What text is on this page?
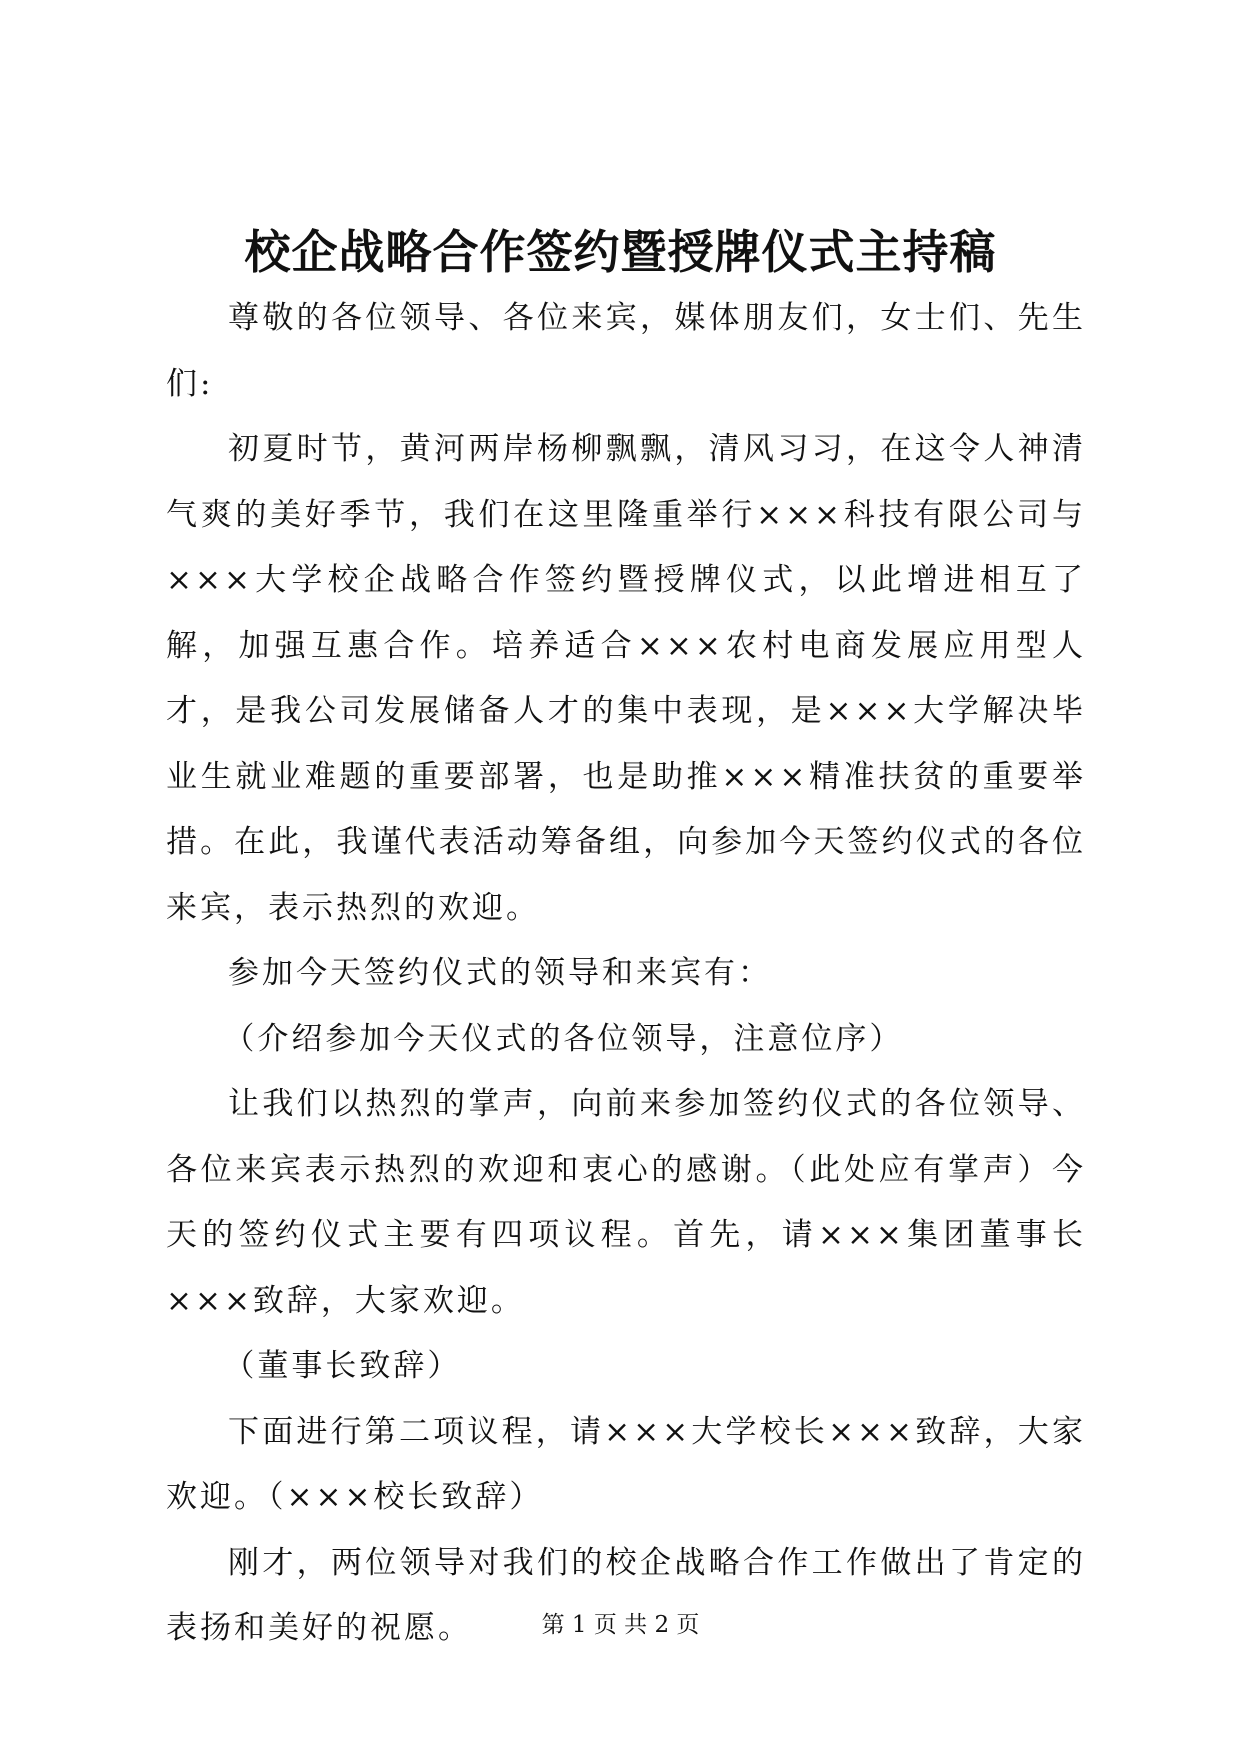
校企战略合作签约暨授牌仪式主持稿

尊敬的各位领导、各位来宾，媒体朋友们，女士们、先生们:

初夏时节，黄河两岸杨柳飘飘，清风习习，在这令人神清气爽的美好季节，我们在这里隆重举行×××科技有限公司与×××大学校企战略合作签约暨授牌仪式，以此增进相互了解，加强互惠合作。培养适合×××农村电商发展应用型人才，是我公司发展储备人才的集中表现，是×××大学解决毕业生就业难题的重要部署，也是助推×××精准扶贫的重要举措。在此，我谨代表活动筹备组，向参加今天签约仪式的各位来宾，表示热烈的欢迎。

参加今天签约仪式的领导和来宾有：

（介绍参加今天仪式的各位领导，注意位序）

让我们以热烈的掌声，向前来参加签约仪式的各位领导、各位来宾表示热烈的欢迎和衷心的感谢。（此处应有掌声）今天的签约仪式主要有四项议程。首先，请×××集团董事长×××致辞，大家欢迎。

（董事长致辞）

下面进行第二项议程，请×××大学校长×××致辞，大家欢迎。（×××校长致辞）

刚才，两位领导对我们的校企战略合作工作做出了肯定的表扬和美好的祝愿。	第 1 页 共 2 页
